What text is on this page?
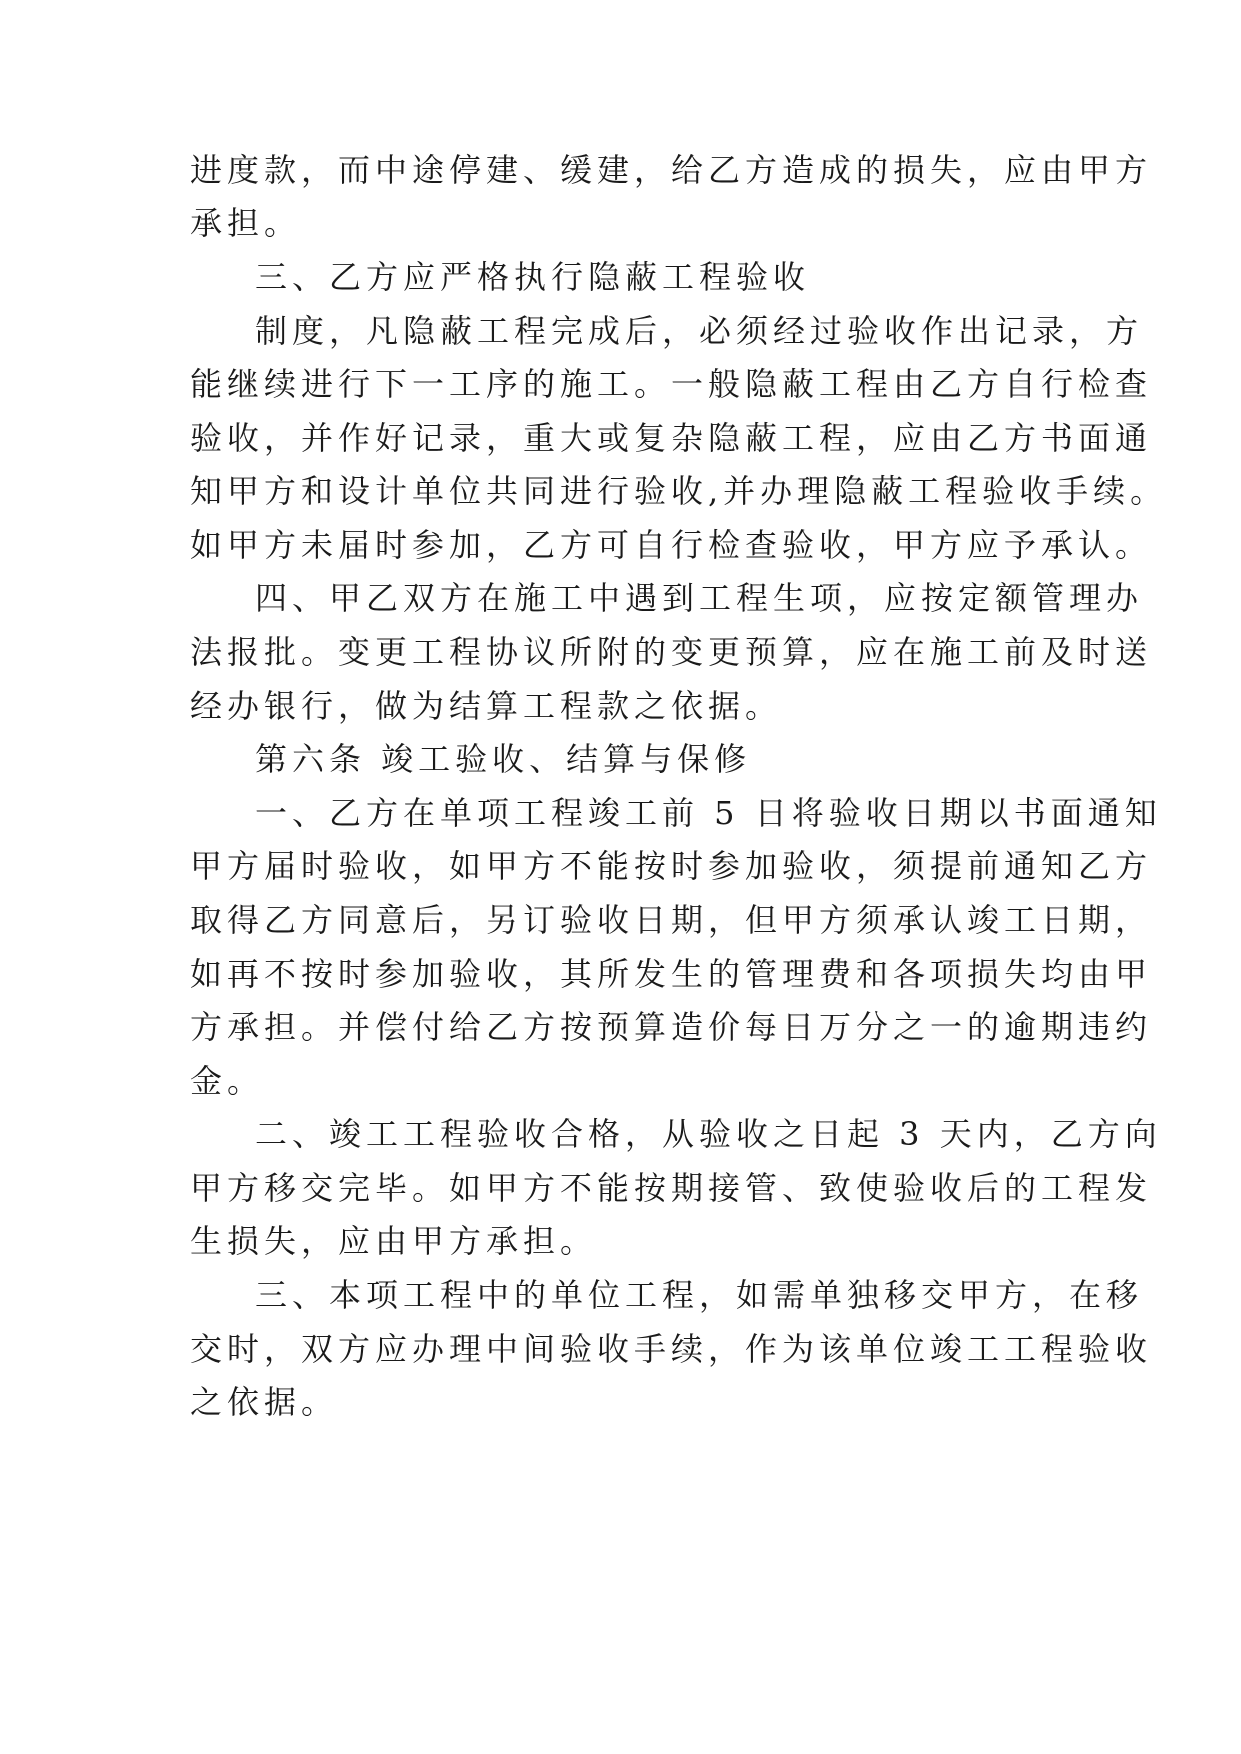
进度款，而中途停建、缓建，给乙方造成的损失，应由甲方
承担。
三、乙方应严格执行隐蔽工程验收
制度，凡隐蔽工程完成后，必须经过验收作出记录，方
能继续进行下一工序的施工。一般隐蔽工程由乙方自行检查
验收，并作好记录，重大或复杂隐蔽工程，应由乙方书面通
知甲方和设计单位共同进行验收,并办理隐蔽工程验收手续。
如甲方未届时参加，乙方可自行检查验收，甲方应予承认。
四、甲乙双方在施工中遇到工程生项，应按定额管理办
法报批。变更工程协议所附的变更预算，应在施工前及时送
经办银行，做为结算工程款之依据。
第六条 竣工验收、结算与保修
一、乙方在单项工程竣工前 5 日将验收日期以书面通知
甲方届时验收，如甲方不能按时参加验收，须提前通知乙方
取得乙方同意后，另订验收日期，但甲方须承认竣工日期，
如再不按时参加验收，其所发生的管理费和各项损失均由甲
方承担。并偿付给乙方按预算造价每日万分之一的逾期违约
金。
二、竣工工程验收合格，从验收之日起 3 天内，乙方向
甲方移交完毕。如甲方不能按期接管、致使验收后的工程发
生损失，应由甲方承担。
三、本项工程中的单位工程，如需单独移交甲方，在移
交时，双方应办理中间验收手续，作为该单位竣工工程验收
之依据。
